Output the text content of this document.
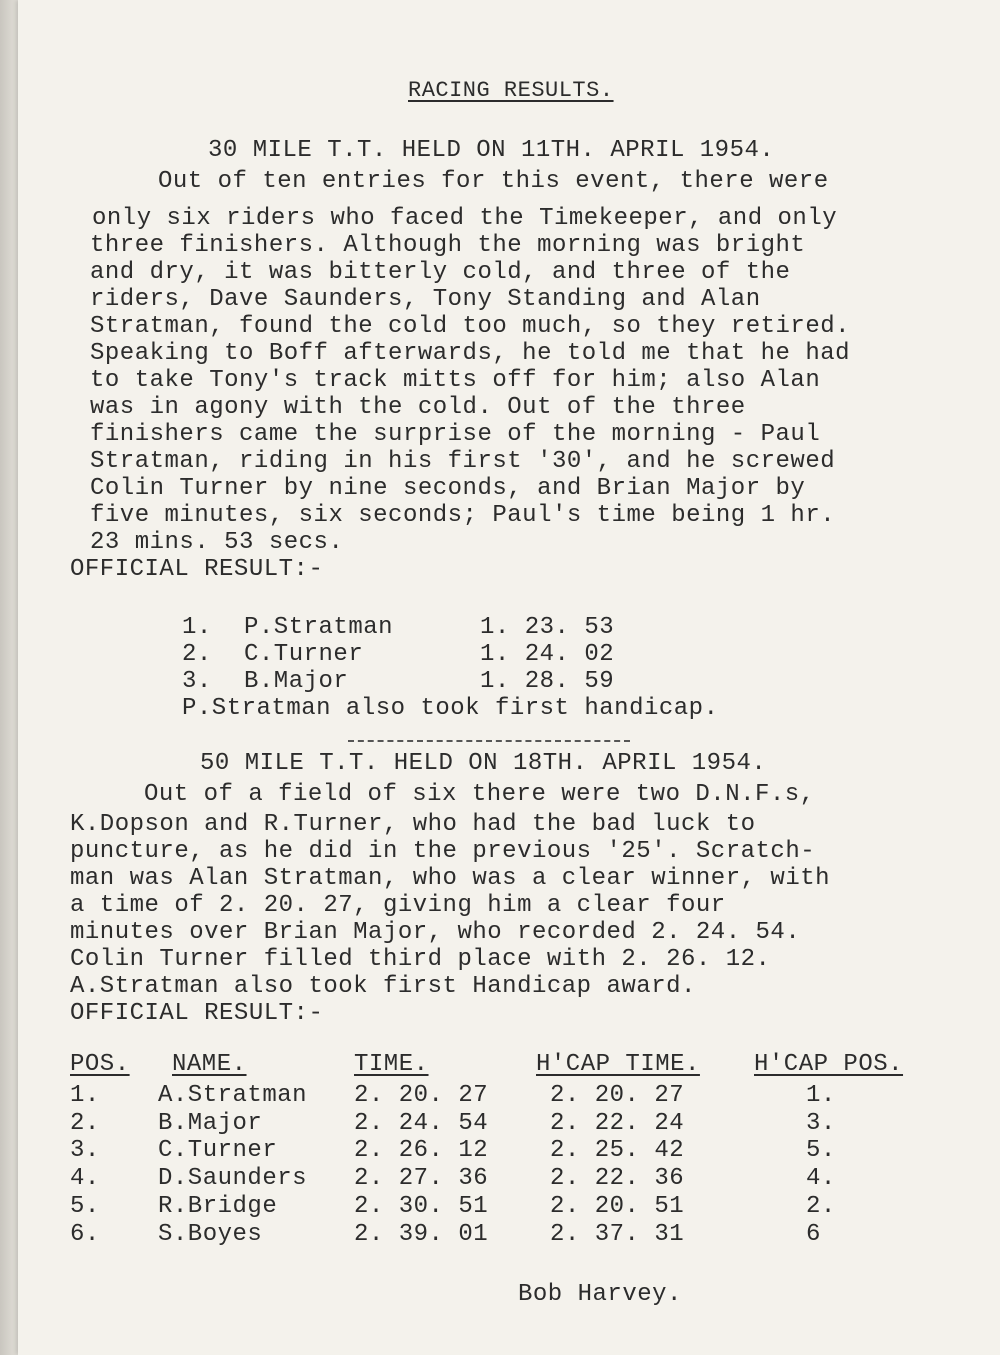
RACING RESULTS.
30 MILE T.T. HELD ON 11TH. APRIL 1954.
Out of ten entries for this event, there were
only six riders who faced the Timekeeper, and only
three finishers. Although the morning was bright
and dry, it was bitterly cold, and three of the
riders, Dave Saunders, Tony Standing and Alan
Stratman, found the cold too much, so they retired.
Speaking to Boff afterwards, he told me that he had
to take Tony's track mitts off for him; also Alan
was in agony with the cold. Out of the three
finishers came the surprise of the morning - Paul
Stratman, riding in his first '30', and he screwed
Colin Turner by nine seconds, and Brian Major by
five minutes, six seconds; Paul's time being 1 hr.
23 mins. 53 secs.
OFFICIAL RESULT:-
1. P.Stratman	1. 23. 53
2. C.Turner	1. 24. 02
3. B.Major	1. 28. 59
P.Stratman also took first handicap.
50 MILE T.T. HELD ON 18TH. APRIL 1954.
Out of a field of six there were two D.N.F.s,
K.Dopson and R.Turner, who had the bad luck to
puncture, as he did in the previous '25'. Scratch-
man was Alan Stratman, who was a clear winner, with
a time of 2. 20. 27, giving him a clear four
minutes over Brian Major, who recorded 2. 24. 54.
Colin Turner filled third place with 2. 26. 12.
A.Stratman also took first Handicap award.
OFFICIAL RESULT:-
POS. NAME.	TIME.	H'CAP TIME. H'CAP POS.
1. A.Stratman 2. 20. 27	2. 20. 27	1.
2. B.Major	2. 24. 54	2. 22. 24	3.
3. C.Turner	2. 26. 12	2. 25. 42	5.
4. D.Saunders 2. 27. 36	2. 22. 36	4.
5. R.Bridge	2. 30. 51	2. 20. 51	2.
6. S.Boyes	2. 39. 01	2. 37. 31	6
Bob Harvey.
